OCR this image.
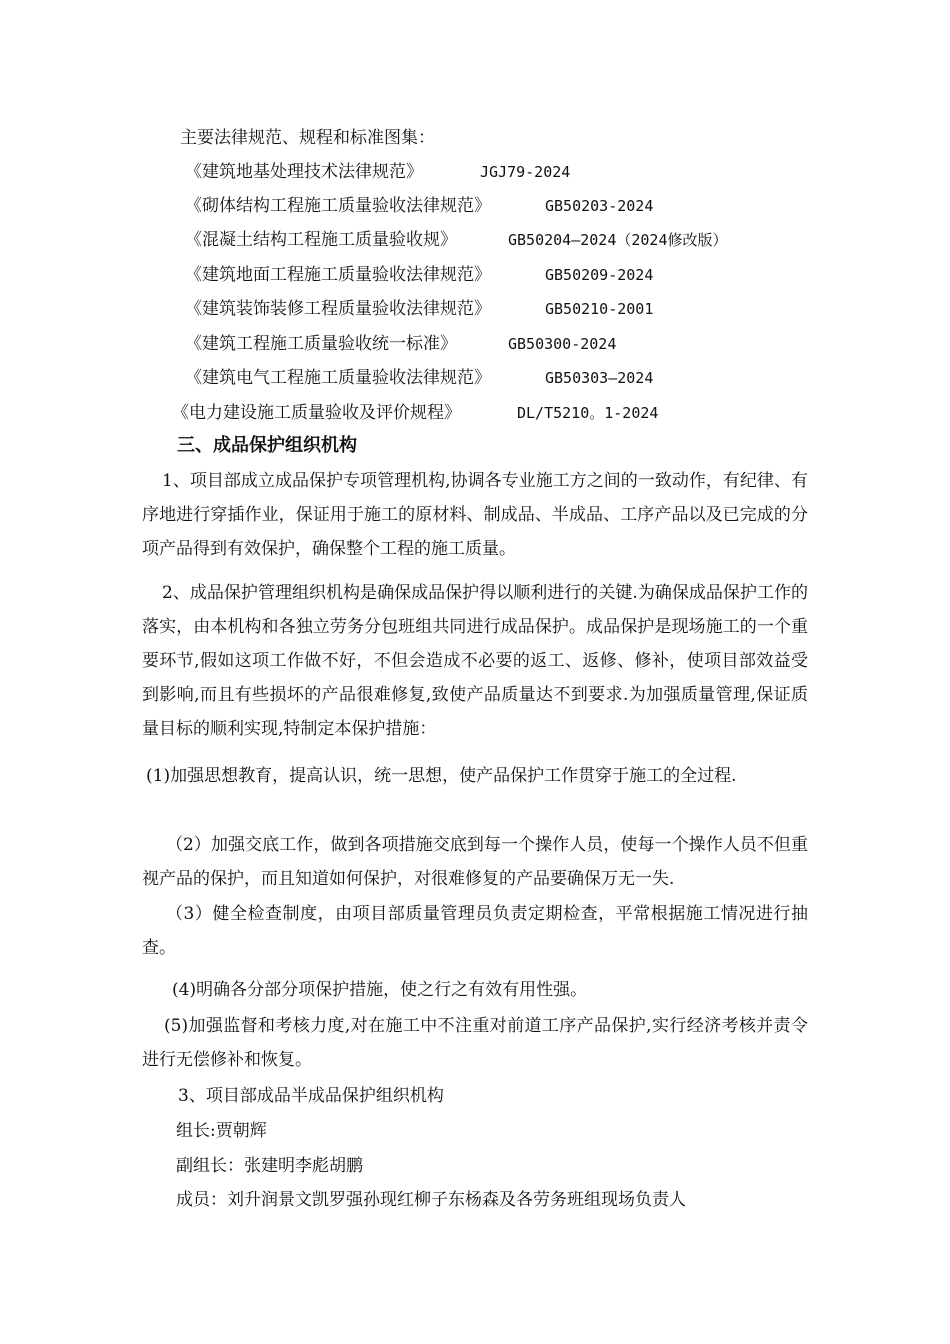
主要法律规范、规程和标准图集：
《建筑地基处理技术法律规范》	JGJ79-2024
《砌体结构工程施工质量验收法律规范》	GB50203-2024
《混凝土结构工程施工质量验收规》	GB50204—2024（2024修改版）
《建筑地面工程施工质量验收法律规范》	GB50209-2024
《建筑装饰装修工程质量验收法律规范》	GB50210-2001
《建筑工程施工质量验收统一标准》	GB50300-2024
《建筑电气工程施工质量验收法律规范》	GB50303—2024
《电力建设施工质量验收及评价规程》	DL/T5210。1-2024
三、成品保护组织机构
1、项目部成立成品保护专项管理机构,协调各专业施工方之间的一致动作，有纪律、有序地进行穿插作业，保证用于施工的原材料、制成品、半成品、工序产品以及已完成的分项产品得到有效保护，确保整个工程的施工质量。
2、成品保护管理组织机构是确保成品保护得以顺利进行的关键.为确保成品保护工作的落实，由本机构和各独立劳务分包班组共同进行成品保护。成品保护是现场施工的一个重要环节,假如这项工作做不好，不但会造成不必要的返工、返修、修补，使项目部效益受到影响,而且有些损坏的产品很难修复,致使产品质量达不到要求.为加强质量管理,保证质量目标的顺利实现,特制定本保护措施：
(1)加强思想教育，提高认识，统一思想，使产品保护工作贯穿于施工的全过程.
（2）加强交底工作，做到各项措施交底到每一个操作人员，使每一个操作人员不但重视产品的保护，而且知道如何保护，对很难修复的产品要确保万无一失.
（3）健全检查制度，由项目部质量管理员负责定期检查，平常根据施工情况进行抽查。
(4)明确各分部分项保护措施，使之行之有效有用性强。
(5)加强监督和考核力度,对在施工中不注重对前道工序产品保护,实行经济考核并责令进行无偿修补和恢复。
3、项目部成品半成品保护组织机构
组长:贾朝辉
副组长：张建明李彪胡鹏
成员：刘升润景文凯罗强孙现红柳子东杨森及各劳务班组现场负责人
